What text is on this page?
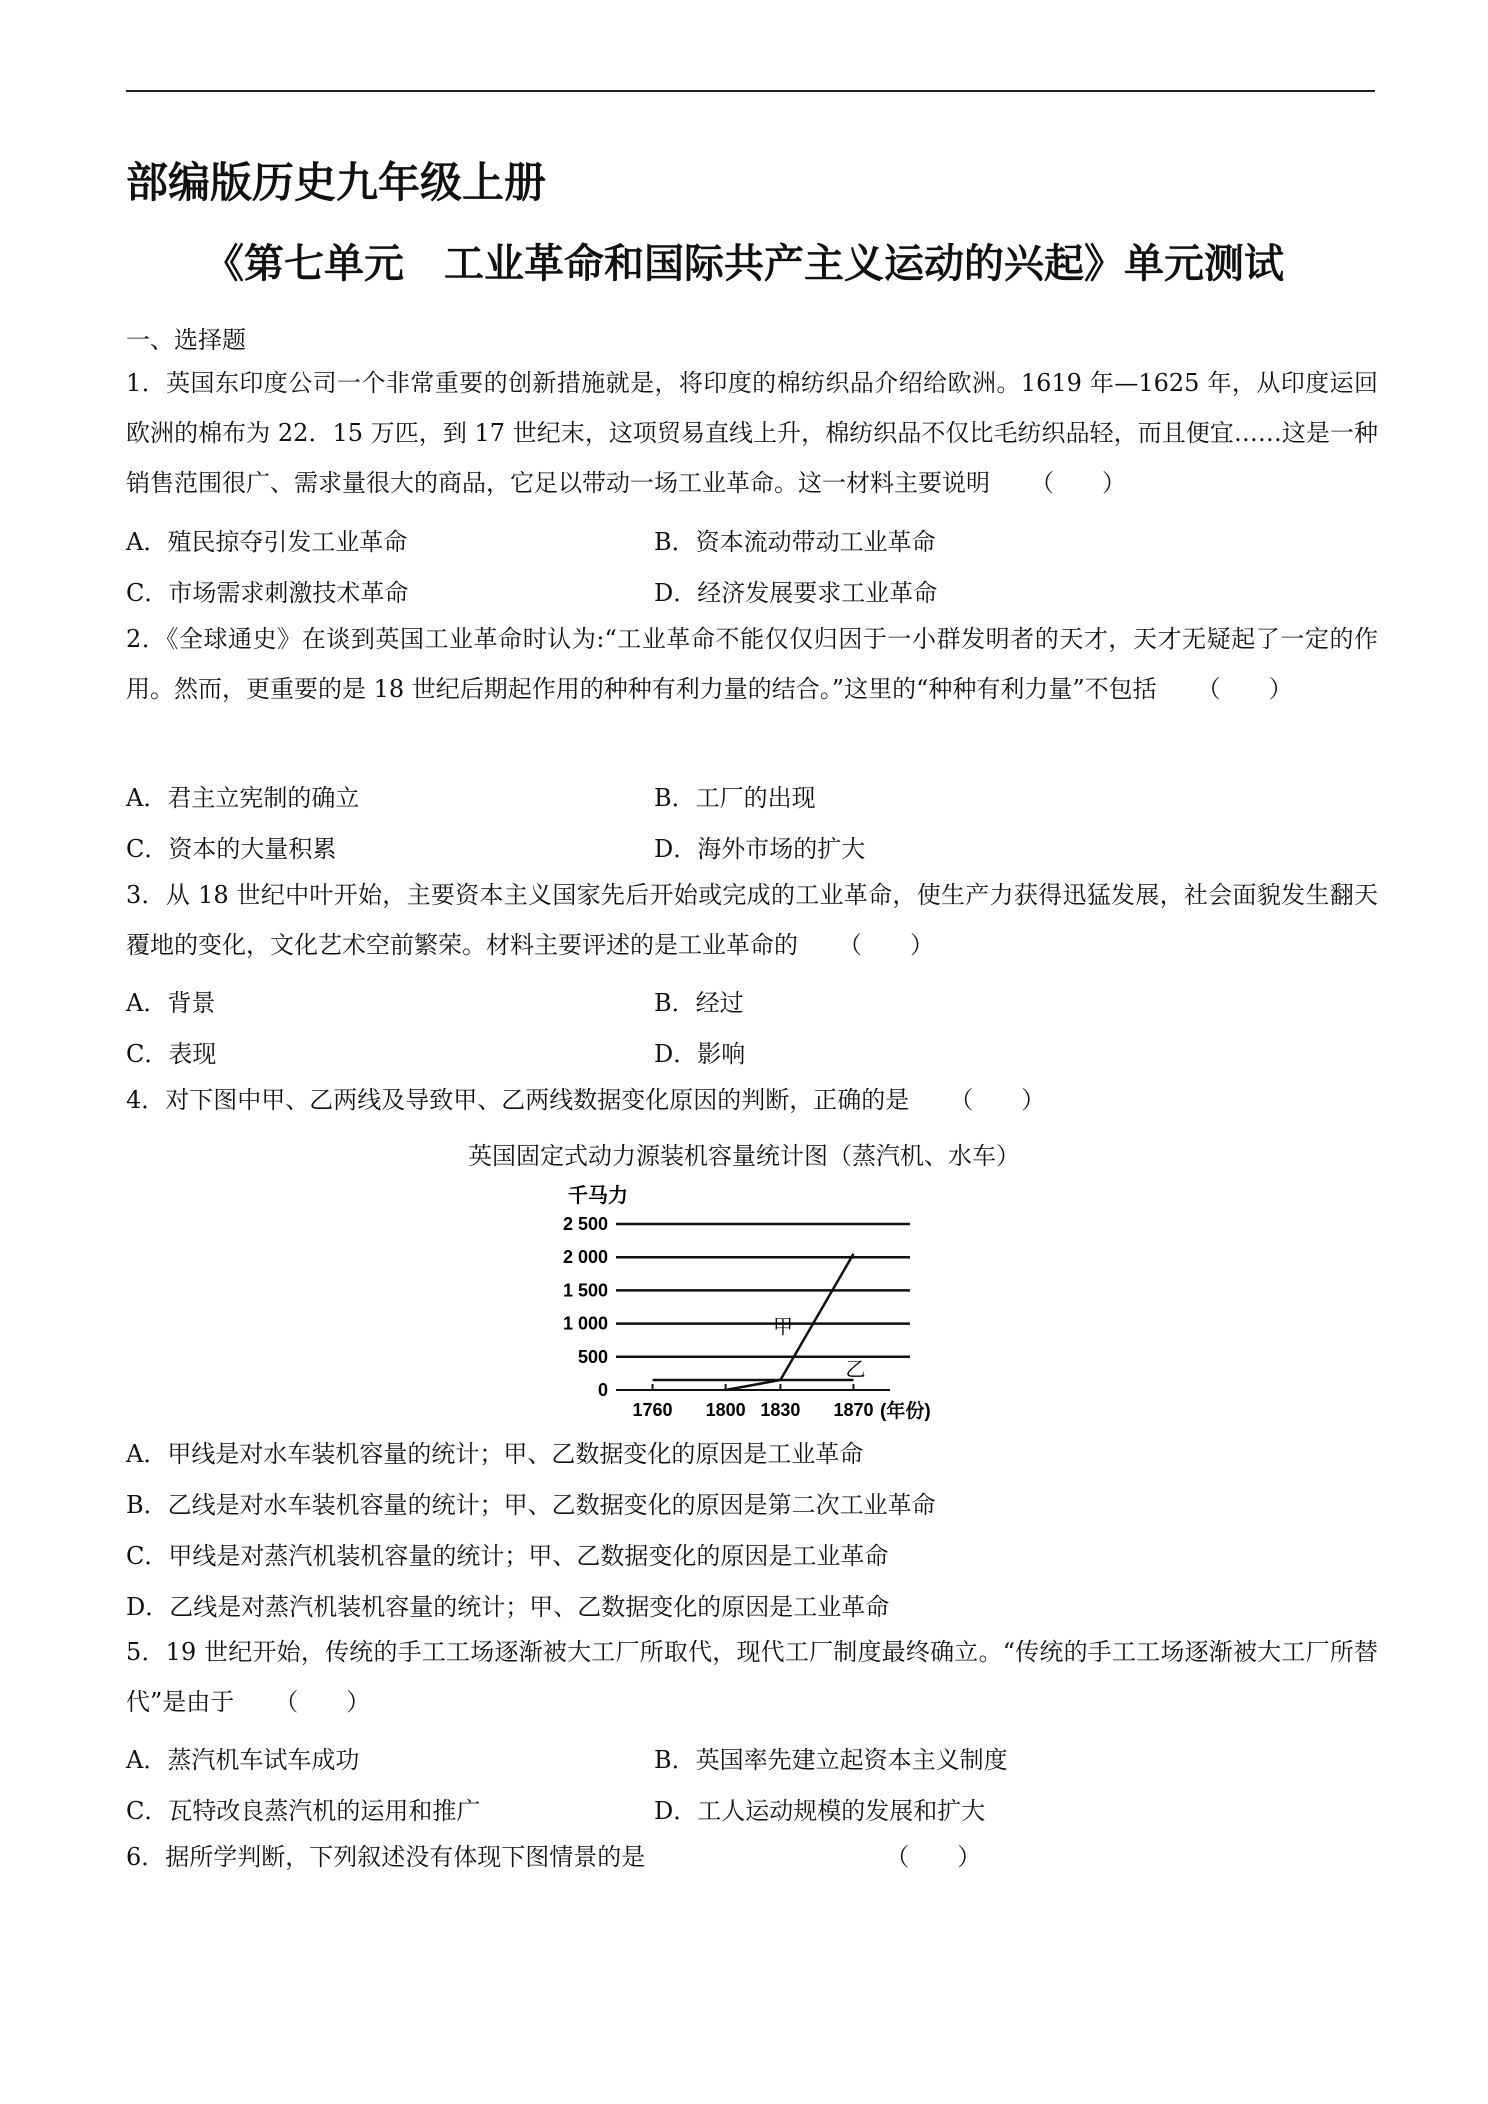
部编版历史九年级上册
《第七单元　工业革命和国际共产主义运动的兴起》单元测试
一、选择题
1．英国东印度公司一个非常重要的创新措施就是，将印度的棉纺织品介绍给欧洲。1619 年—1625 年，从印度运回欧洲的棉布为 22．15 万匹，到 17 世纪末，这项贸易直线上升，棉纺织品不仅比毛纺织品轻，而且便宜……这是一种销售范围很广、需求量很大的商品，它足以带动一场工业革命。这一材料主要说明 （　　）
A．殖民掠夺引发工业革命	B．资本流动带动工业革命
C．市场需求刺激技术革命	D．经济发展要求工业革命
2．《全球通史》在谈到英国工业革命时认为:“工业革命不能仅仅归因于一小群发明者的天才，天才无疑起了一定的作用。然而，更重要的是 18 世纪后期起作用的种种有利力量的结合。”这里的“种种有利力量”不包括 （　　）
A．君主立宪制的确立	B．工厂的出现
C．资本的大量积累	D．海外市场的扩大
3．从 18 世纪中叶开始，主要资本主义国家先后开始或完成的工业革命，使生产力获得迅猛发展，社会面貌发生翻天覆地的变化，文化艺术空前繁荣。材料主要评述的是工业革命的 （　　）
A．背景	B．经过
C．表现	D．影响
4．对下图中甲、乙两线及导致甲、乙两线数据变化原因的判断，正确的是 （　　）
英国固定式动力源装机容量统计图（蒸汽机、水车）
千马力
2 500
2 000
1 500
1 000
500
0
1760 1800 1830 1870
甲
乙
(年份)
A．甲线是对水车装机容量的统计；甲、乙数据变化的原因是工业革命
B．乙线是对水车装机容量的统计；甲、乙数据变化的原因是第二次工业革命
C．甲线是对蒸汽机装机容量的统计；甲、乙数据变化的原因是工业革命
D．乙线是对蒸汽机装机容量的统计；甲、乙数据变化的原因是工业革命
5．19 世纪开始，传统的手工工场逐渐被大工厂所取代，现代工厂制度最终确立。“传统的手工工场逐渐被大工厂所替代”是由于 （　　）
A．蒸汽机车试车成功	B．英国率先建立起资本主义制度
C．瓦特改良蒸汽机的运用和推广	D．工人运动规模的发展和扩大
6．据所学判断，下列叙述没有体现下图情景的是	（　　）
